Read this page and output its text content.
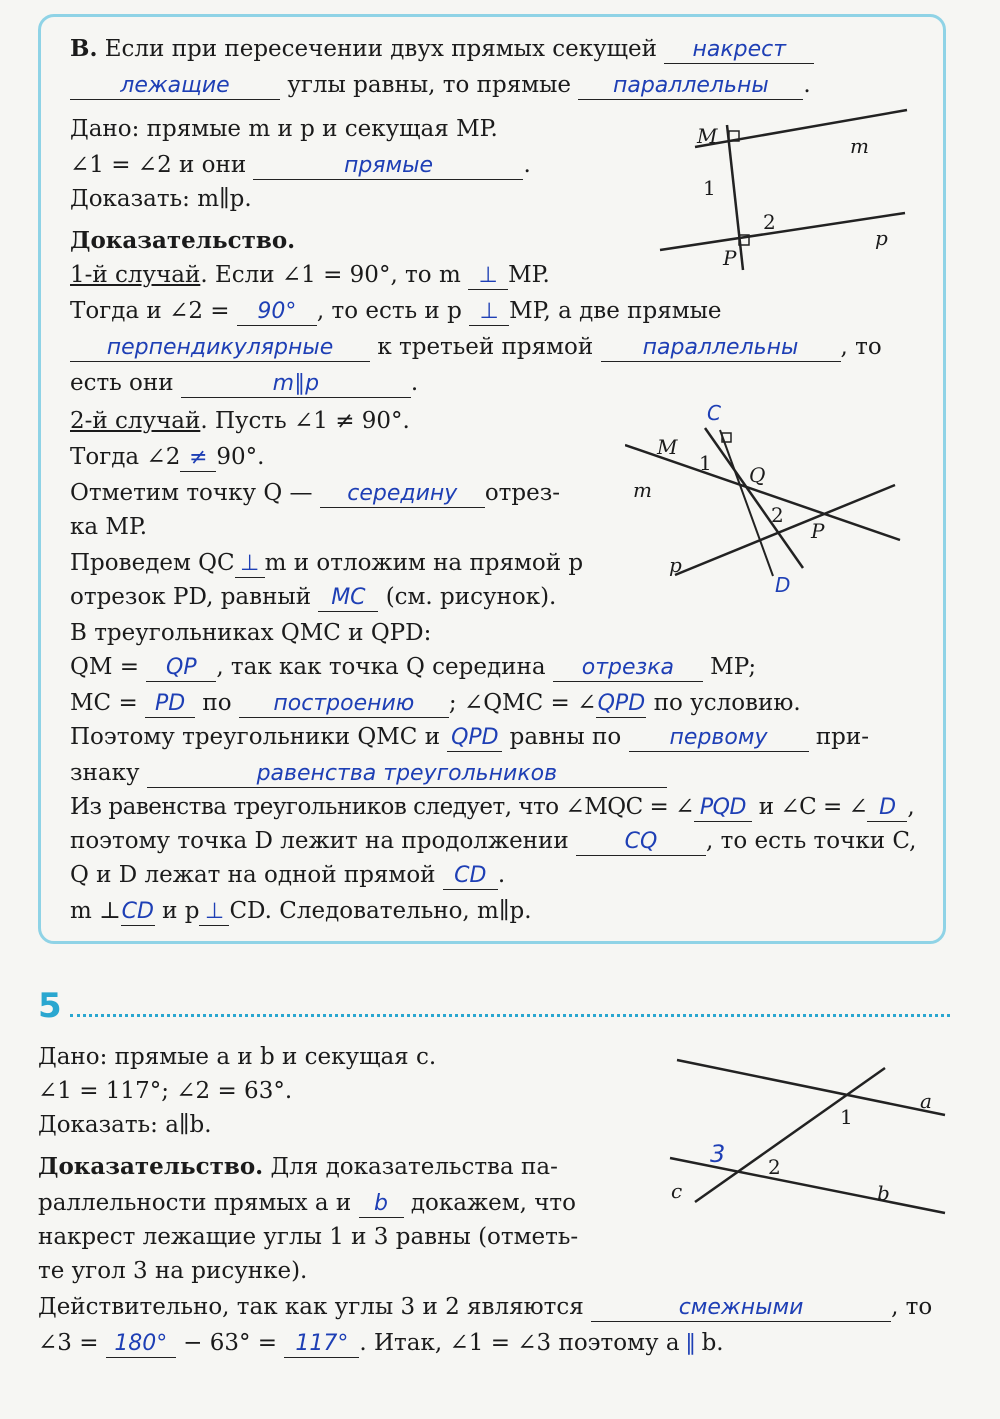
B. Если при пересечении двух прямых секущей накрест
лежащие	углы равны, то прямые параллельны .
Дано: прямые m и p и секущая MP.
∠1 = ∠2 и они	прямые	.
Доказать: m∥p.
Доказательство.
1-й случай. Если ∠1 = 90°, то m ⊥ MP.
Тогда и ∠2 = 90° , то есть и p ⊥ MP, а две прямые
перпендикулярные к третьей прямой параллельны , то
есть они	m∥p	.
2-й случай. Пусть ∠1 ≠ 90°.
Тогда ∠2 ≠ 90°.
Отметим точку Q — середину отрез-
ка MP.
Проведем QC ⊥ m и отложим на прямой p
отрезок PD, равный MC (см. рисунок).
В треугольниках QMC и QPD:
QM = QP , так как точка Q середина отрезка MP;
MC = PD по построению ; ∠QMC = ∠QPD по условию.
Поэтому треугольники QMC и QPD равны по первому при-
знаку	равенства треугольников
Из равенства треугольников следует, что ∠MQC = ∠ PQD и ∠C = ∠ D ,
поэтому точка D лежит на продолжении	CQ , то есть точки C,
Q и D лежат на одной прямой CD .
m ⊥CD и p ⊥ CD. Следовательно, m∥p.
M	m
1
2
P
p
M
1 Q
m
2
P
p
C
D
5
Дано: прямые a и b и секущая c.
∠1 = 117°; ∠2 = 63°.
Доказать: a∥b.
Доказательство. Для доказательства па-
раллельности прямых a и b докажем, что
накрест лежащие углы 1 и 3 равны (отметь-
те угол 3 на рисунке).
Действительно, так как углы 3 и 2 являются	смежными	, то
∠3 = 180° − 63° = 117° . Итак, ∠1 = ∠3 поэтому a ∥ b.
1
a
3 2
c	b
